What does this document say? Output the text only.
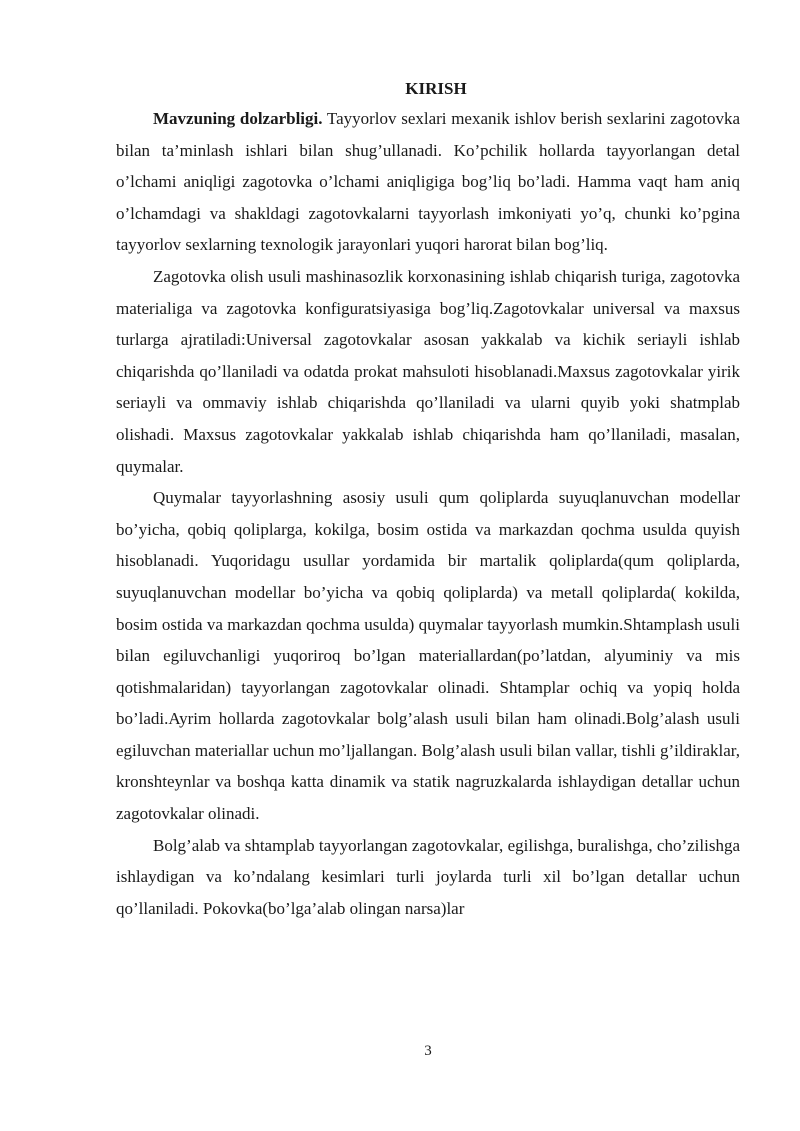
KIRISH

Mavzuning dolzarbligi. Tayyorlov sexlari mexanik ishlov berish sexlarini zagotovka bilan ta’minlash ishlari bilan shug’ullanadi. Ko’pchilik hollarda tayyorlangan detal o’lchami aniqligi zagotovka o’lchami aniqligiga bog’liq bo’ladi. Hamma vaqt ham aniq o’lchamdagi va shakldagi zagotovkalarni tayyorlash imkoniyati yo’q, chunki ko’pgina tayyorlov sexlarning texnologik jarayonlari yuqori harorat bilan bog’liq.

Zagotovka olish usuli mashinasozlik korxonasining ishlab chiqarish turiga, zagotovka materialiga va zagotovka konfiguratsiyasiga bog’liq.Zagotovkalar universal va maxsus turlarga ajratiladi:Universal zagotovkalar asosan yakkalab va kichik seriayli ishlab chiqarishda qo’llaniladi va odatda prokat mahsuloti hisoblanadi.Maxsus zagotovkalar yirik seriayli va ommaviy ishlab chiqarishda qo’llaniladi va ularni quyib yoki shatmplab olishadi. Maxsus zagotovkalar yakkalab ishlab chiqarishda ham qo’llaniladi, masalan, quymalar.

Quymalar tayyorlashning asosiy usuli qum qoliplarda suyuqlanuvchan modellar bo’yicha, qobiq qoliplarga, kokilga, bosim ostida va markazdan qochma usulda quyish hisoblanadi. Yuqoridagu usullar yordamida bir martalik qoliplarda(qum qoliplarda, suyuqlanuvchan modellar bo’yicha va qobiq qoliplarda) va metall qoliplarda( kokilda, bosim ostida va markazdan qochma usulda) quymalar tayyorlash mumkin.Shtamplash usuli bilan egiluvchanligi yuqoriroq bo’lgan materiallardan(po’latdan, alyuminiy va mis qotishmalaridan) tayyorlangan zagotovkalar olinadi. Shtamplar ochiq va yopiq holda bo’ladi.Ayrim hollarda zagotovkalar bolg’alash usuli bilan ham olinadi.Bolg’alash usuli egiluvchan materiallar uchun mo’ljallangan. Bolg’alash usuli bilan vallar, tishli g’ildiraklar, kronshteynlar va boshqa katta dinamik va statik nagruzkalarda ishlaydigan detallar uchun zagotovkalar olinadi.

Bolg’alab va shtamplab tayyorlangan zagotovkalar, egilishga, buralishga, cho’zilishga ishlaydigan va ko’ndalang kesimlari turli joylarda turli xil bo’lgan detallar uchun qo’llaniladi. Pokovka(bo’lga’alab olingan narsa)lar

3
